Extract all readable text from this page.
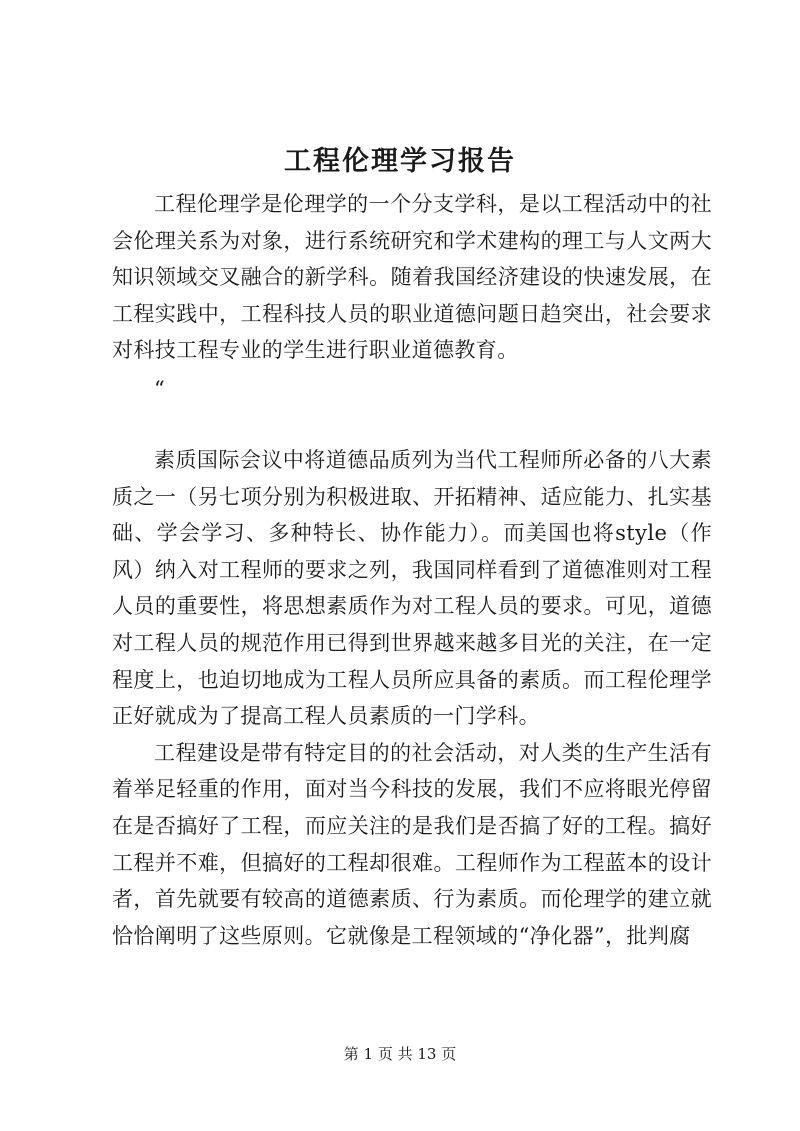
工程伦理学习报告

工程伦理学是伦理学的一个分支学科，是以工程活动中的社会伦理关系为对象，进行系统研究和学术建构的理工与人文两大知识领域交叉融合的新学科。随着我国经济建设的快速发展，在工程实践中，工程科技人员的职业道德问题日趋突出，社会要求对科技工程专业的学生进行职业道德教育。

“

素质国际会议中将道德品质列为当代工程师所必备的八大素质之一（另七项分别为积极进取、开拓精神、适应能力、扎实基础、学会学习、多种特长、协作能力）。而美国也将style（作风）纳入对工程师的要求之列，我国同样看到了道德准则对工程人员的重要性，将思想素质作为对工程人员的要求。可见，道德对工程人员的规范作用已得到世界越来越多目光的关注，在一定程度上，也迫切地成为工程人员所应具备的素质。而工程伦理学正好就成为了提高工程人员素质的一门学科。

工程建设是带有特定目的的社会活动，对人类的生产生活有着举足轻重的作用，面对当今科技的发展，我们不应将眼光停留在是否搞好了工程，而应关注的是我们是否搞了好的工程。搞好工程并不难，但搞好的工程却很难。工程师作为工程蓝本的设计者，首先就要有较高的道德素质、行为素质。而伦理学的建立就恰恰阐明了这些原则。它就像是工程领域的“净化器”，批判腐

第 1 页 共 13 页
